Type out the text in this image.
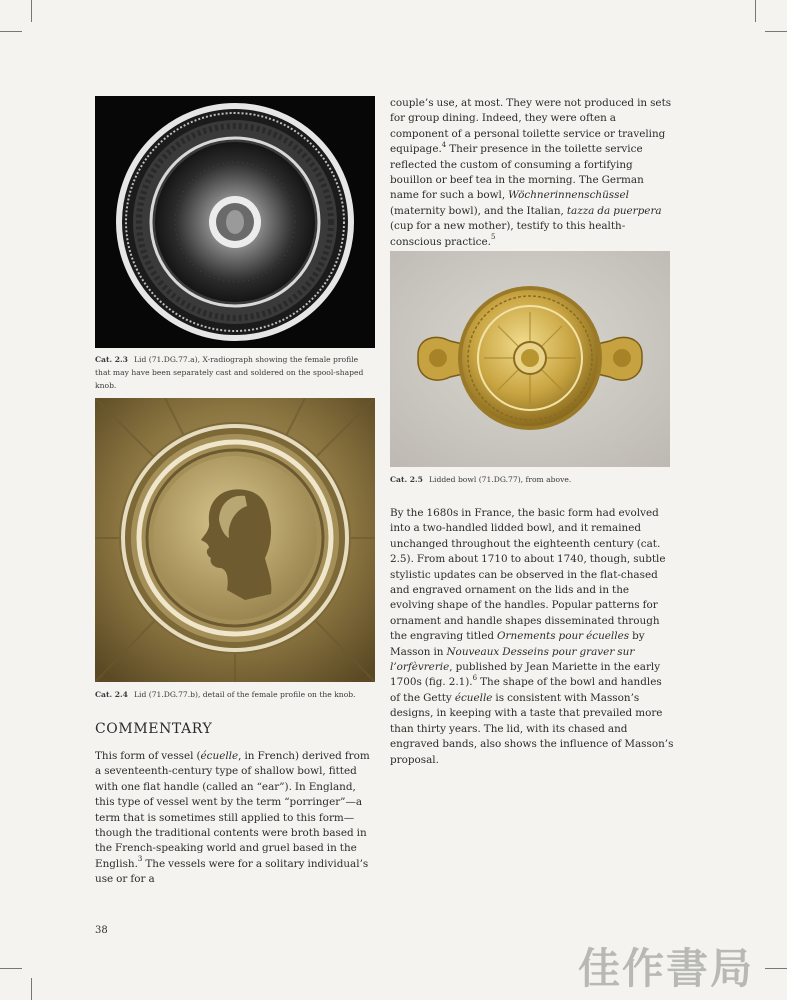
Cat. 2.3 Lid (71.DG.77.a), X-radiograph showing the female profile that may have been separately cast and soldered on the spool-shaped knob.
Cat. 2.4 Lid (71.DG.77.b), detail of the female profile on the knob.
COMMENTARY

This form of vessel (écuelle, in French) derived from a seventeenth-century type of shallow bowl, fitted with one flat handle (called an “ear”). In England, this type of vessel went by the term “porringer”—a term that is sometimes still applied to this form—though the traditional contents were broth based in the French-speaking world and gruel based in the English.$^3$ The vessels were for a solitary individual’s use or for a

couple’s use, at most. They were not produced in sets for group dining. Indeed, they were often a component of a personal toilette service or traveling equipage.$^4$ Their presence in the toilette service reflected the custom of consuming a fortifying bouillon or beef tea in the morning. The German name for such a bowl, Wöchnerinnenschüssel (maternity bowl), and the Italian, tazza da puerpera (cup for a new mother), testify to this health-conscious practice.$^5$

Cat. 2.5 Lidded bowl (71.DG.77), from above.

By the 1680s in France, the basic form had evolved into a two-handled lidded bowl, and it remained unchanged throughout the eighteenth century (cat. 2.5). From about 1710 to about 1740, though, subtle stylistic updates can be observed in the flat-chased and engraved ornament on the lids and in the evolving shape of the handles. Popular patterns for ornament and handle shapes disseminated through the engraving titled Ornements pour écuelles by Masson in Nouveaux Desseins pour graver sur l’orfèvrerie, published by Jean Mariette in the early 1700s (fig. 2.1).$^6$ The shape of the bowl and handles of the Getty écuelle is consistent with Masson’s designs, in keeping with a taste that prevailed more than thirty years. The lid, with its chased and engraved bands, also shows the influence of Masson’s proposal.

38
佳作書局
